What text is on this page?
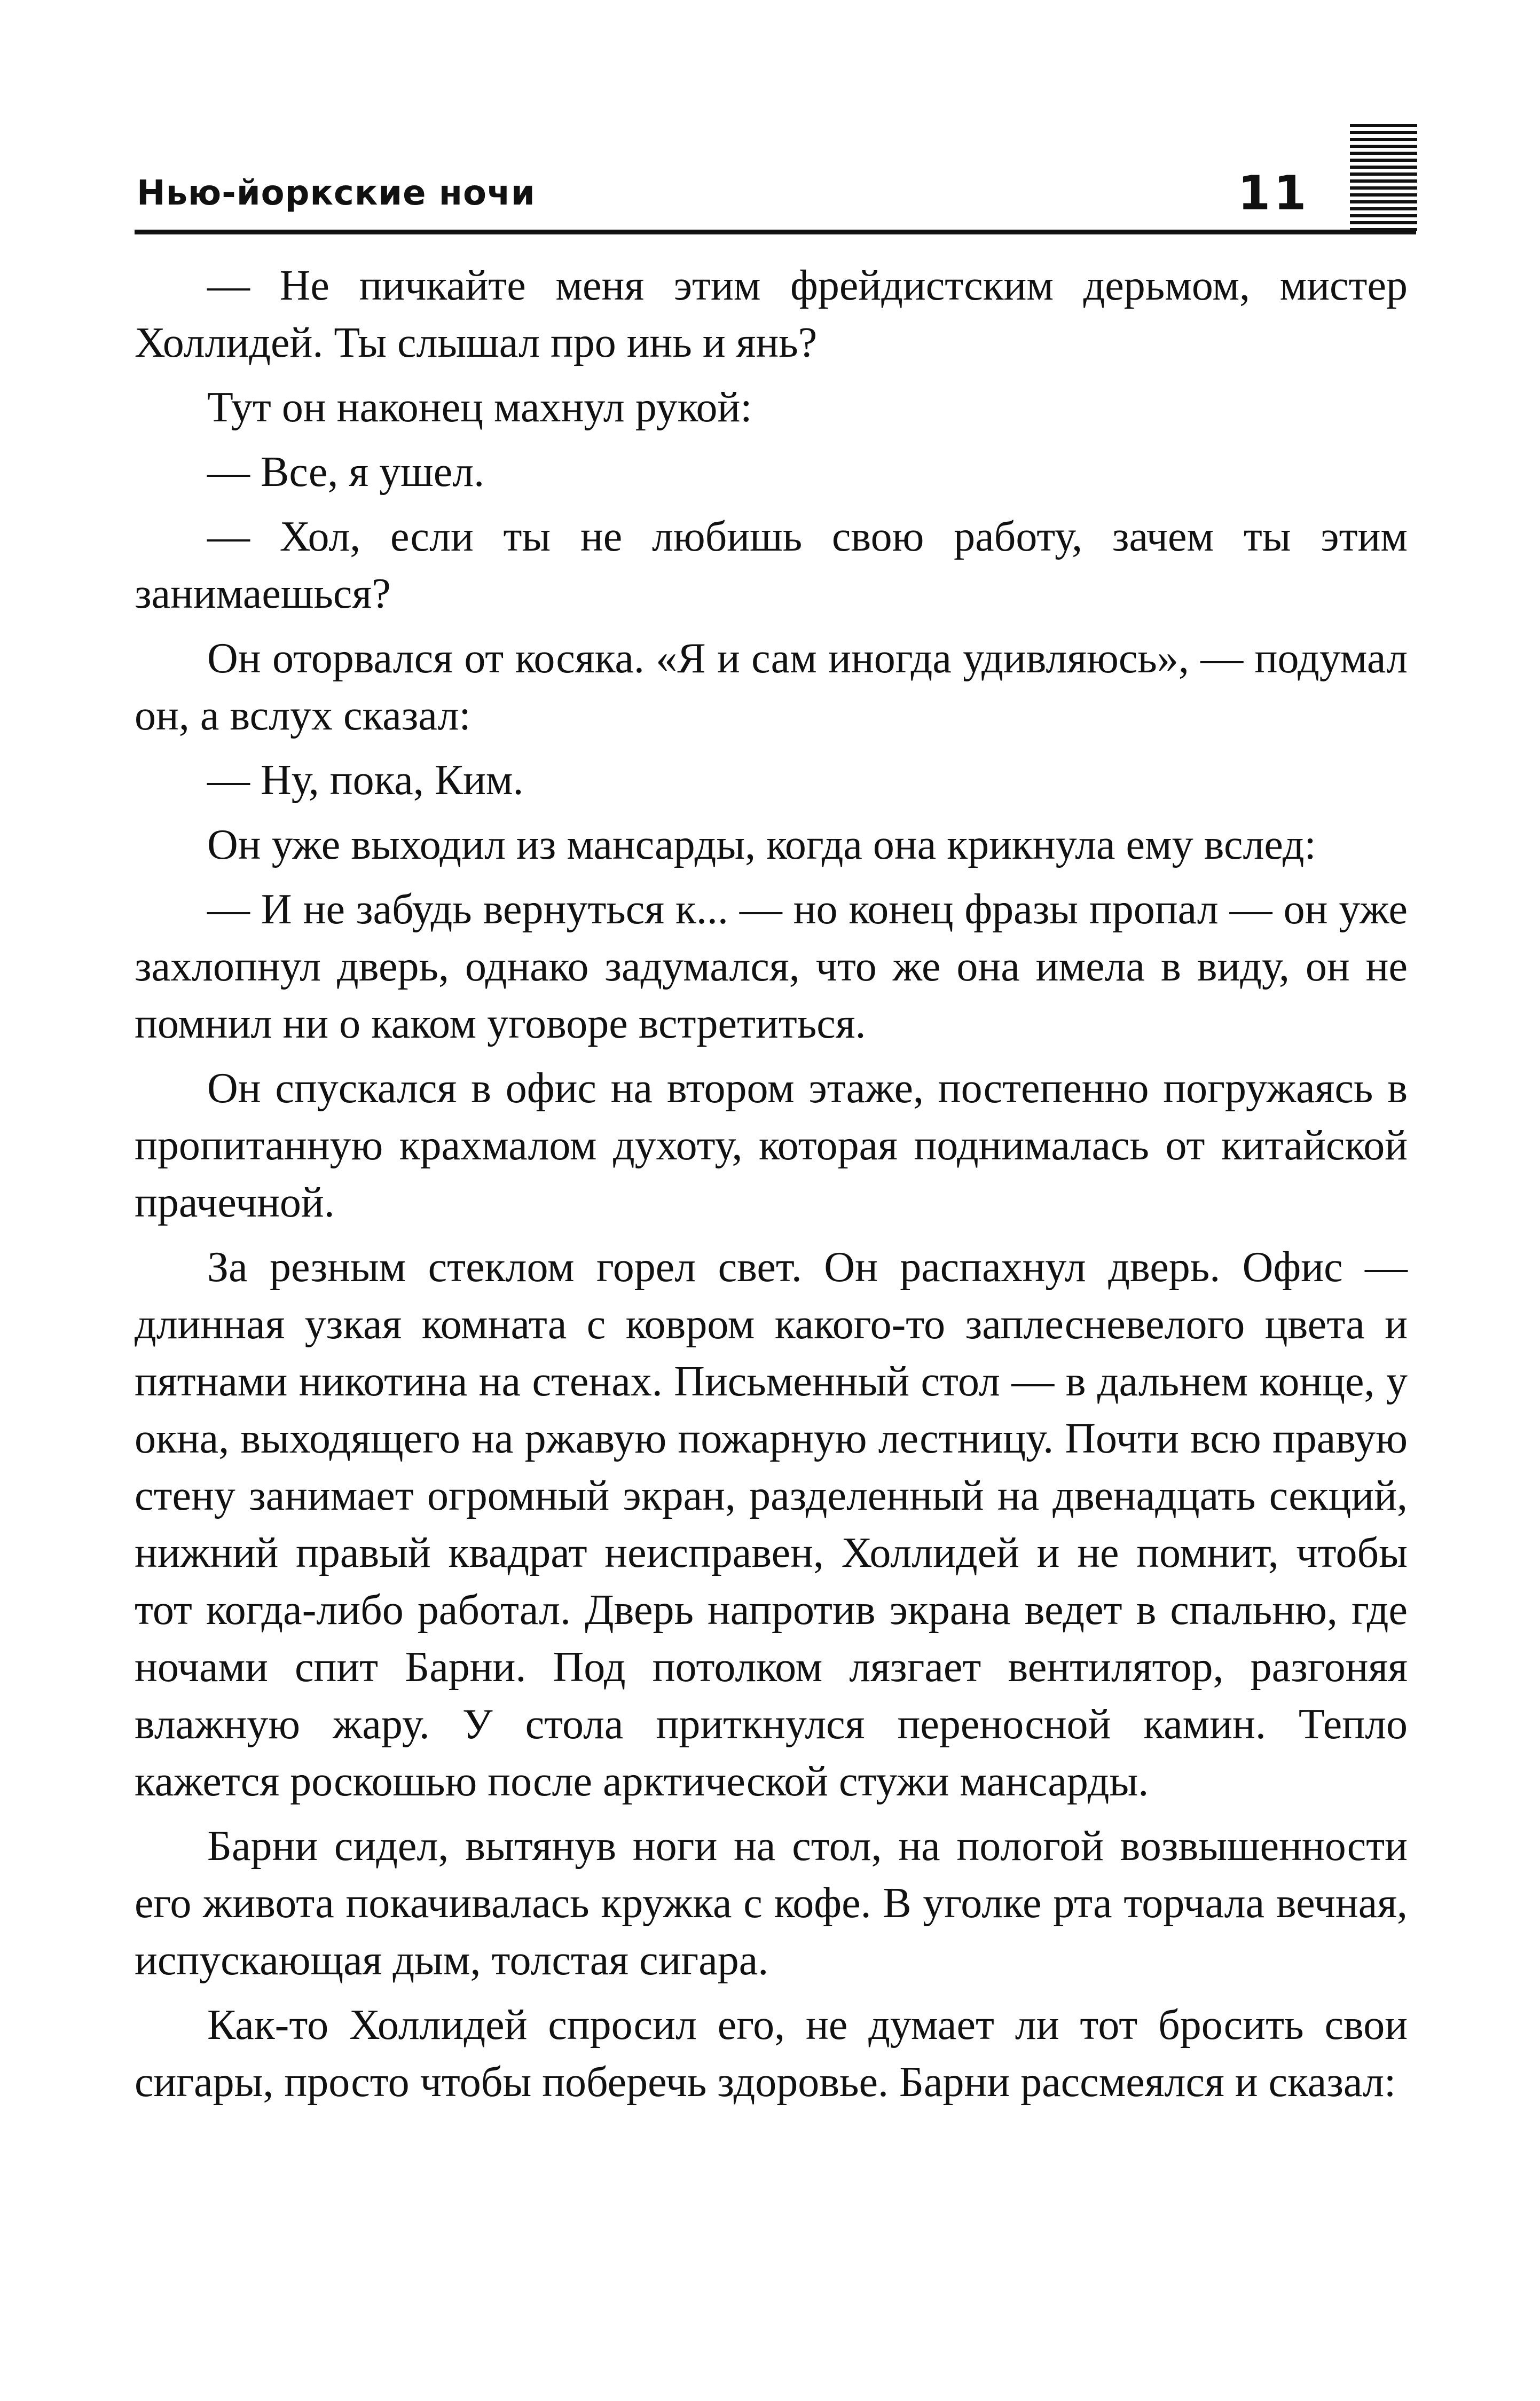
Нью-йоркские ночи	11

— Не пичкайте меня этим фрейдистским дерьмом, мистер Холлидей. Ты слышал про инь и янь?

Тут он наконец махнул рукой:

— Все, я ушел.

— Хол, если ты не любишь свою работу, зачем ты этим занимаешься?

Он оторвался от косяка. «Я и сам иногда удивляюсь», — подумал он, а вслух сказал:

— Ну, пока, Ким.

Он уже выходил из мансарды, когда она крикнула ему вслед:

— И не забудь вернуться к... — но конец фразы пропал — он уже захлопнул дверь, однако задумался, что же она имела в виду, он не помнил ни о каком уговоре встретиться.

Он спускался в офис на втором этаже, постепенно погружаясь в пропитанную крахмалом духоту, которая поднималась от китайской прачечной.

За резным стеклом горел свет. Он распахнул дверь. Офис — длинная узкая комната с ковром какого-то заплесневелого цвета и пятнами никотина на стенах. Письменный стол — в дальнем конце, у окна, выходящего на ржавую пожарную лестницу. Почти всю правую стену занимает огромный экран, разделенный на двенадцать секций, нижний правый квадрат неисправен, Холлидей и не помнит, чтобы тот когда-либо работал. Дверь напротив экрана ведет в спальню, где ночами спит Барни. Под потолком лязгает вентилятор, разгоняя влажную жару. У стола приткнулся переносной камин. Тепло кажется роскошью после арктической стужи мансарды.

Барни сидел, вытянув ноги на стол, на пологой возвышенности его живота покачивалась кружка с кофе. В уголке рта торчала вечная, испускающая дым, толстая сигара.

Как-то Холлидей спросил его, не думает ли тот бросить свои сигары, просто чтобы поберечь здоровье. Барни рассмеялся и сказал:
